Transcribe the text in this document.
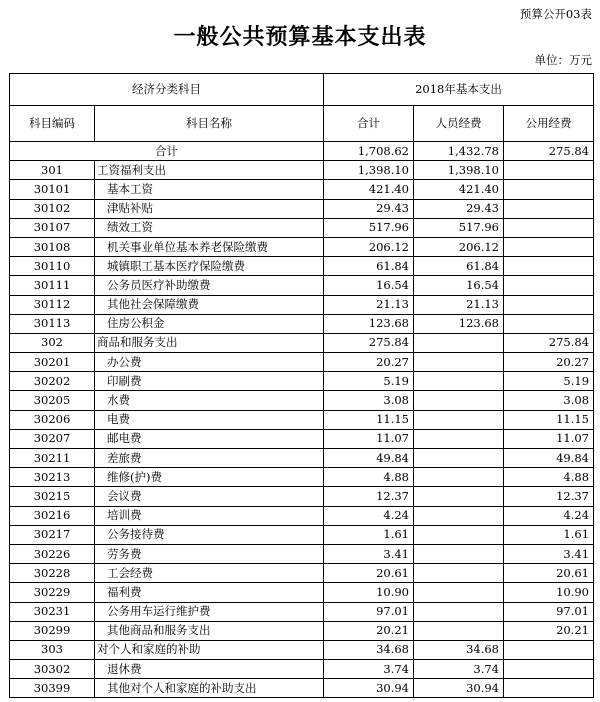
预算公开03表
一般公共预算基本支出表
单位：万元
经济分类科目		2018年基本支出		
科目编码	科目名称	合计	人员经费	公用经费
合计		1,708.62	1,432.78	275.84
301	工资福利支出	1,398.10	1,398.10	
30101	基本工资	421.40	421.40	
30102	津贴补贴	29.43	29.43	
30107	绩效工资	517.96	517.96	
30108	机关事业单位基本养老保险缴费	206.12	206.12	
30110	城镇职工基本医疗保险缴费	61.84	61.84	
30111	公务员医疗补助缴费	16.54	16.54	
30112	其他社会保障缴费	21.13	21.13	
30113	住房公积金	123.68	123.68	
302	商品和服务支出	275.84		275.84
30201	办公费	20.27		20.27
30202	印刷费	5.19		5.19
30205	水费	3.08		3.08
30206	电费	11.15		11.15
30207	邮电费	11.07		11.07
30211	差旅费	49.84		49.84
30213	维修(护)费	4.88		4.88
30215	会议费	12.37		12.37
30216	培训费	4.24		4.24
30217	公务接待费	1.61		1.61
30226	劳务费	3.41		3.41
30228	工会经费	20.61		20.61
30229	福利费	10.90		10.90
30231	公务用车运行维护费	97.01		97.01
30299	其他商品和服务支出	20.21		20.21
303	对个人和家庭的补助	34.68	34.68	
30302	退休费	3.74	3.74	
30399	其他对个人和家庭的补助支出	30.94	30.94	
